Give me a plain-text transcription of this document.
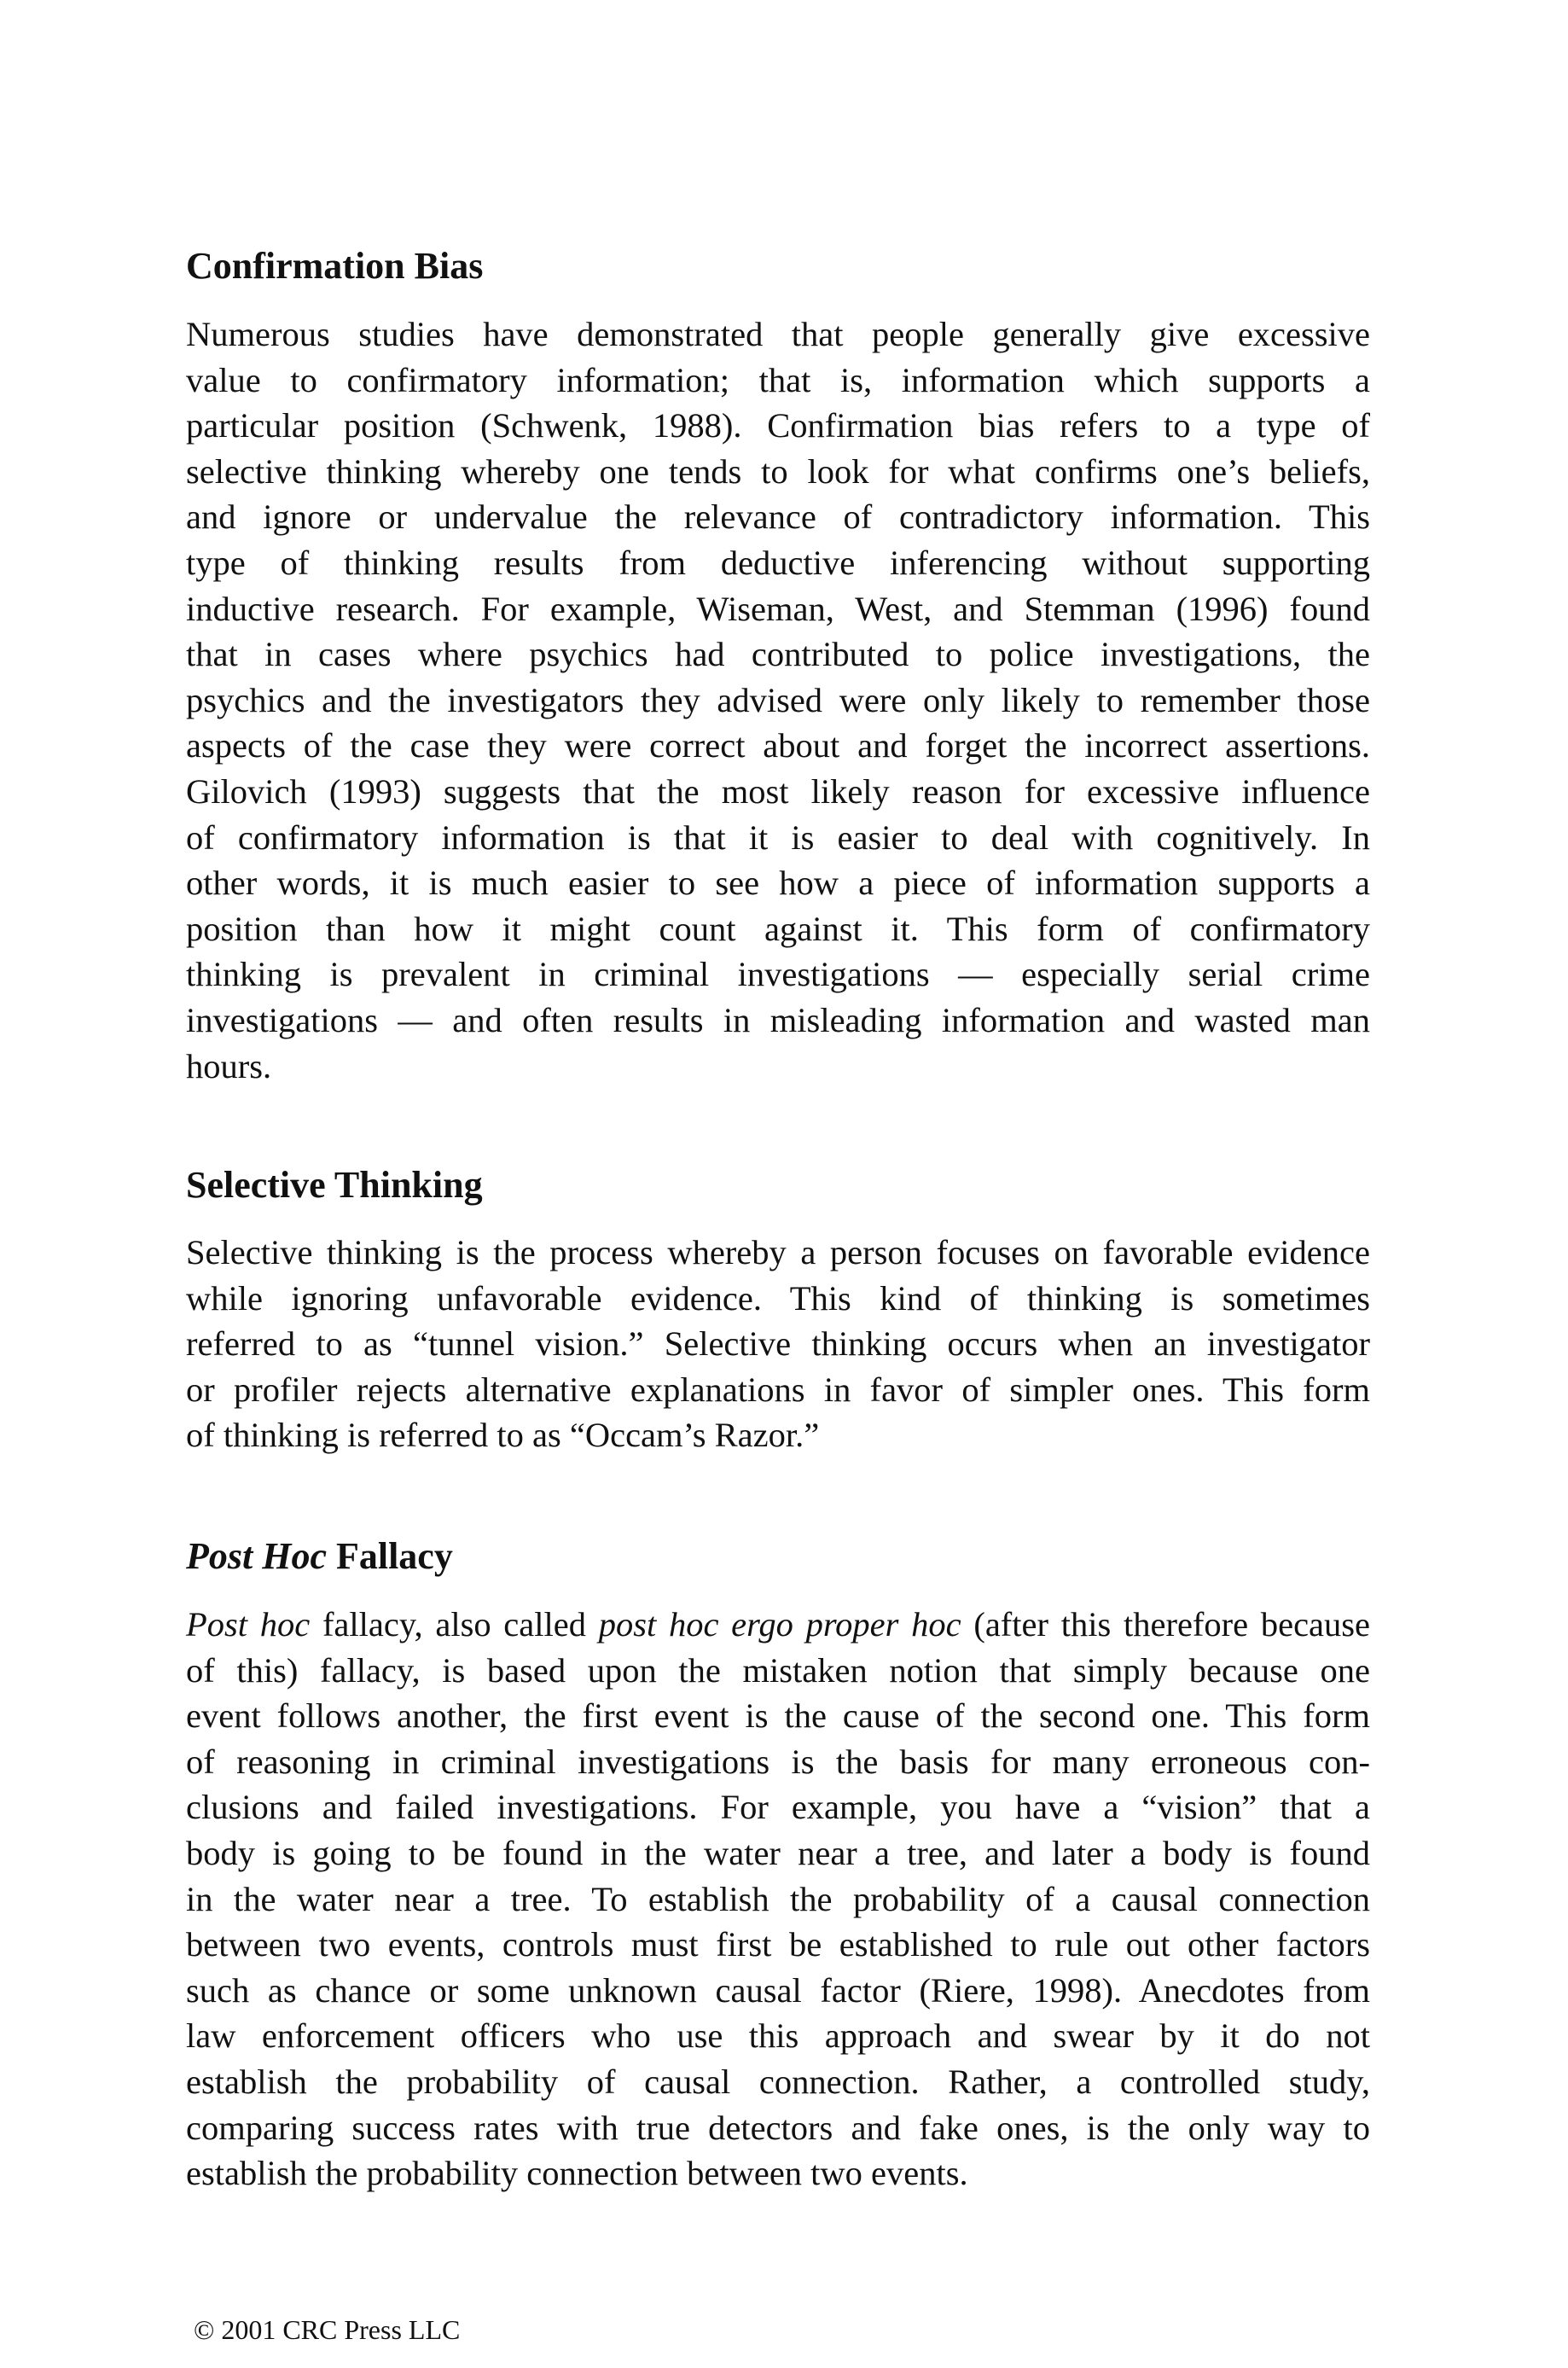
Confirmation Bias
Numerous studies have demonstrated that people generally give excessive
value to confirmatory information; that is, information which supports a
particular position (Schwenk, 1988). Confirmation bias refers to a type of
selective thinking whereby one tends to look for what confirms one’s beliefs,
and ignore or undervalue the relevance of contradictory information. This
type of thinking results from deductive inferencing without supporting
inductive research. For example, Wiseman, West, and Stemman (1996) found
that in cases where psychics had contributed to police investigations, the
psychics and the investigators they advised were only likely to remember those
aspects of the case they were correct about and forget the incorrect assertions.
Gilovich (1993) suggests that the most likely reason for excessive influence
of confirmatory information is that it is easier to deal with cognitively. In
other words, it is much easier to see how a piece of information supports a
position than how it might count against it. This form of confirmatory
thinking is prevalent in criminal investigations — especially serial crime
investigations — and often results in misleading information and wasted man
hours.
Selective Thinking
Selective thinking is the process whereby a person focuses on favorable evidence
while ignoring unfavorable evidence. This kind of thinking is sometimes
referred to as “tunnel vision.” Selective thinking occurs when an investigator
or profiler rejects alternative explanations in favor of simpler ones. This form
of thinking is referred to as “Occam’s Razor.”
Post Hoc Fallacy
Post hoc fallacy, also called post hoc ergo proper hoc (after this therefore because
of this) fallacy, is based upon the mistaken notion that simply because one
event follows another, the first event is the cause of the second one. This form
of reasoning in criminal investigations is the basis for many erroneous con-
clusions and failed investigations. For example, you have a “vision” that a
body is going to be found in the water near a tree, and later a body is found
in the water near a tree. To establish the probability of a causal connection
between two events, controls must first be established to rule out other factors
such as chance or some unknown causal factor (Riere, 1998). Anecdotes from
law enforcement officers who use this approach and swear by it do not
establish the probability of causal connection. Rather, a controlled study,
comparing success rates with true detectors and fake ones, is the only way to
establish the probability connection between two events.
© 2001 CRC Press LLC
